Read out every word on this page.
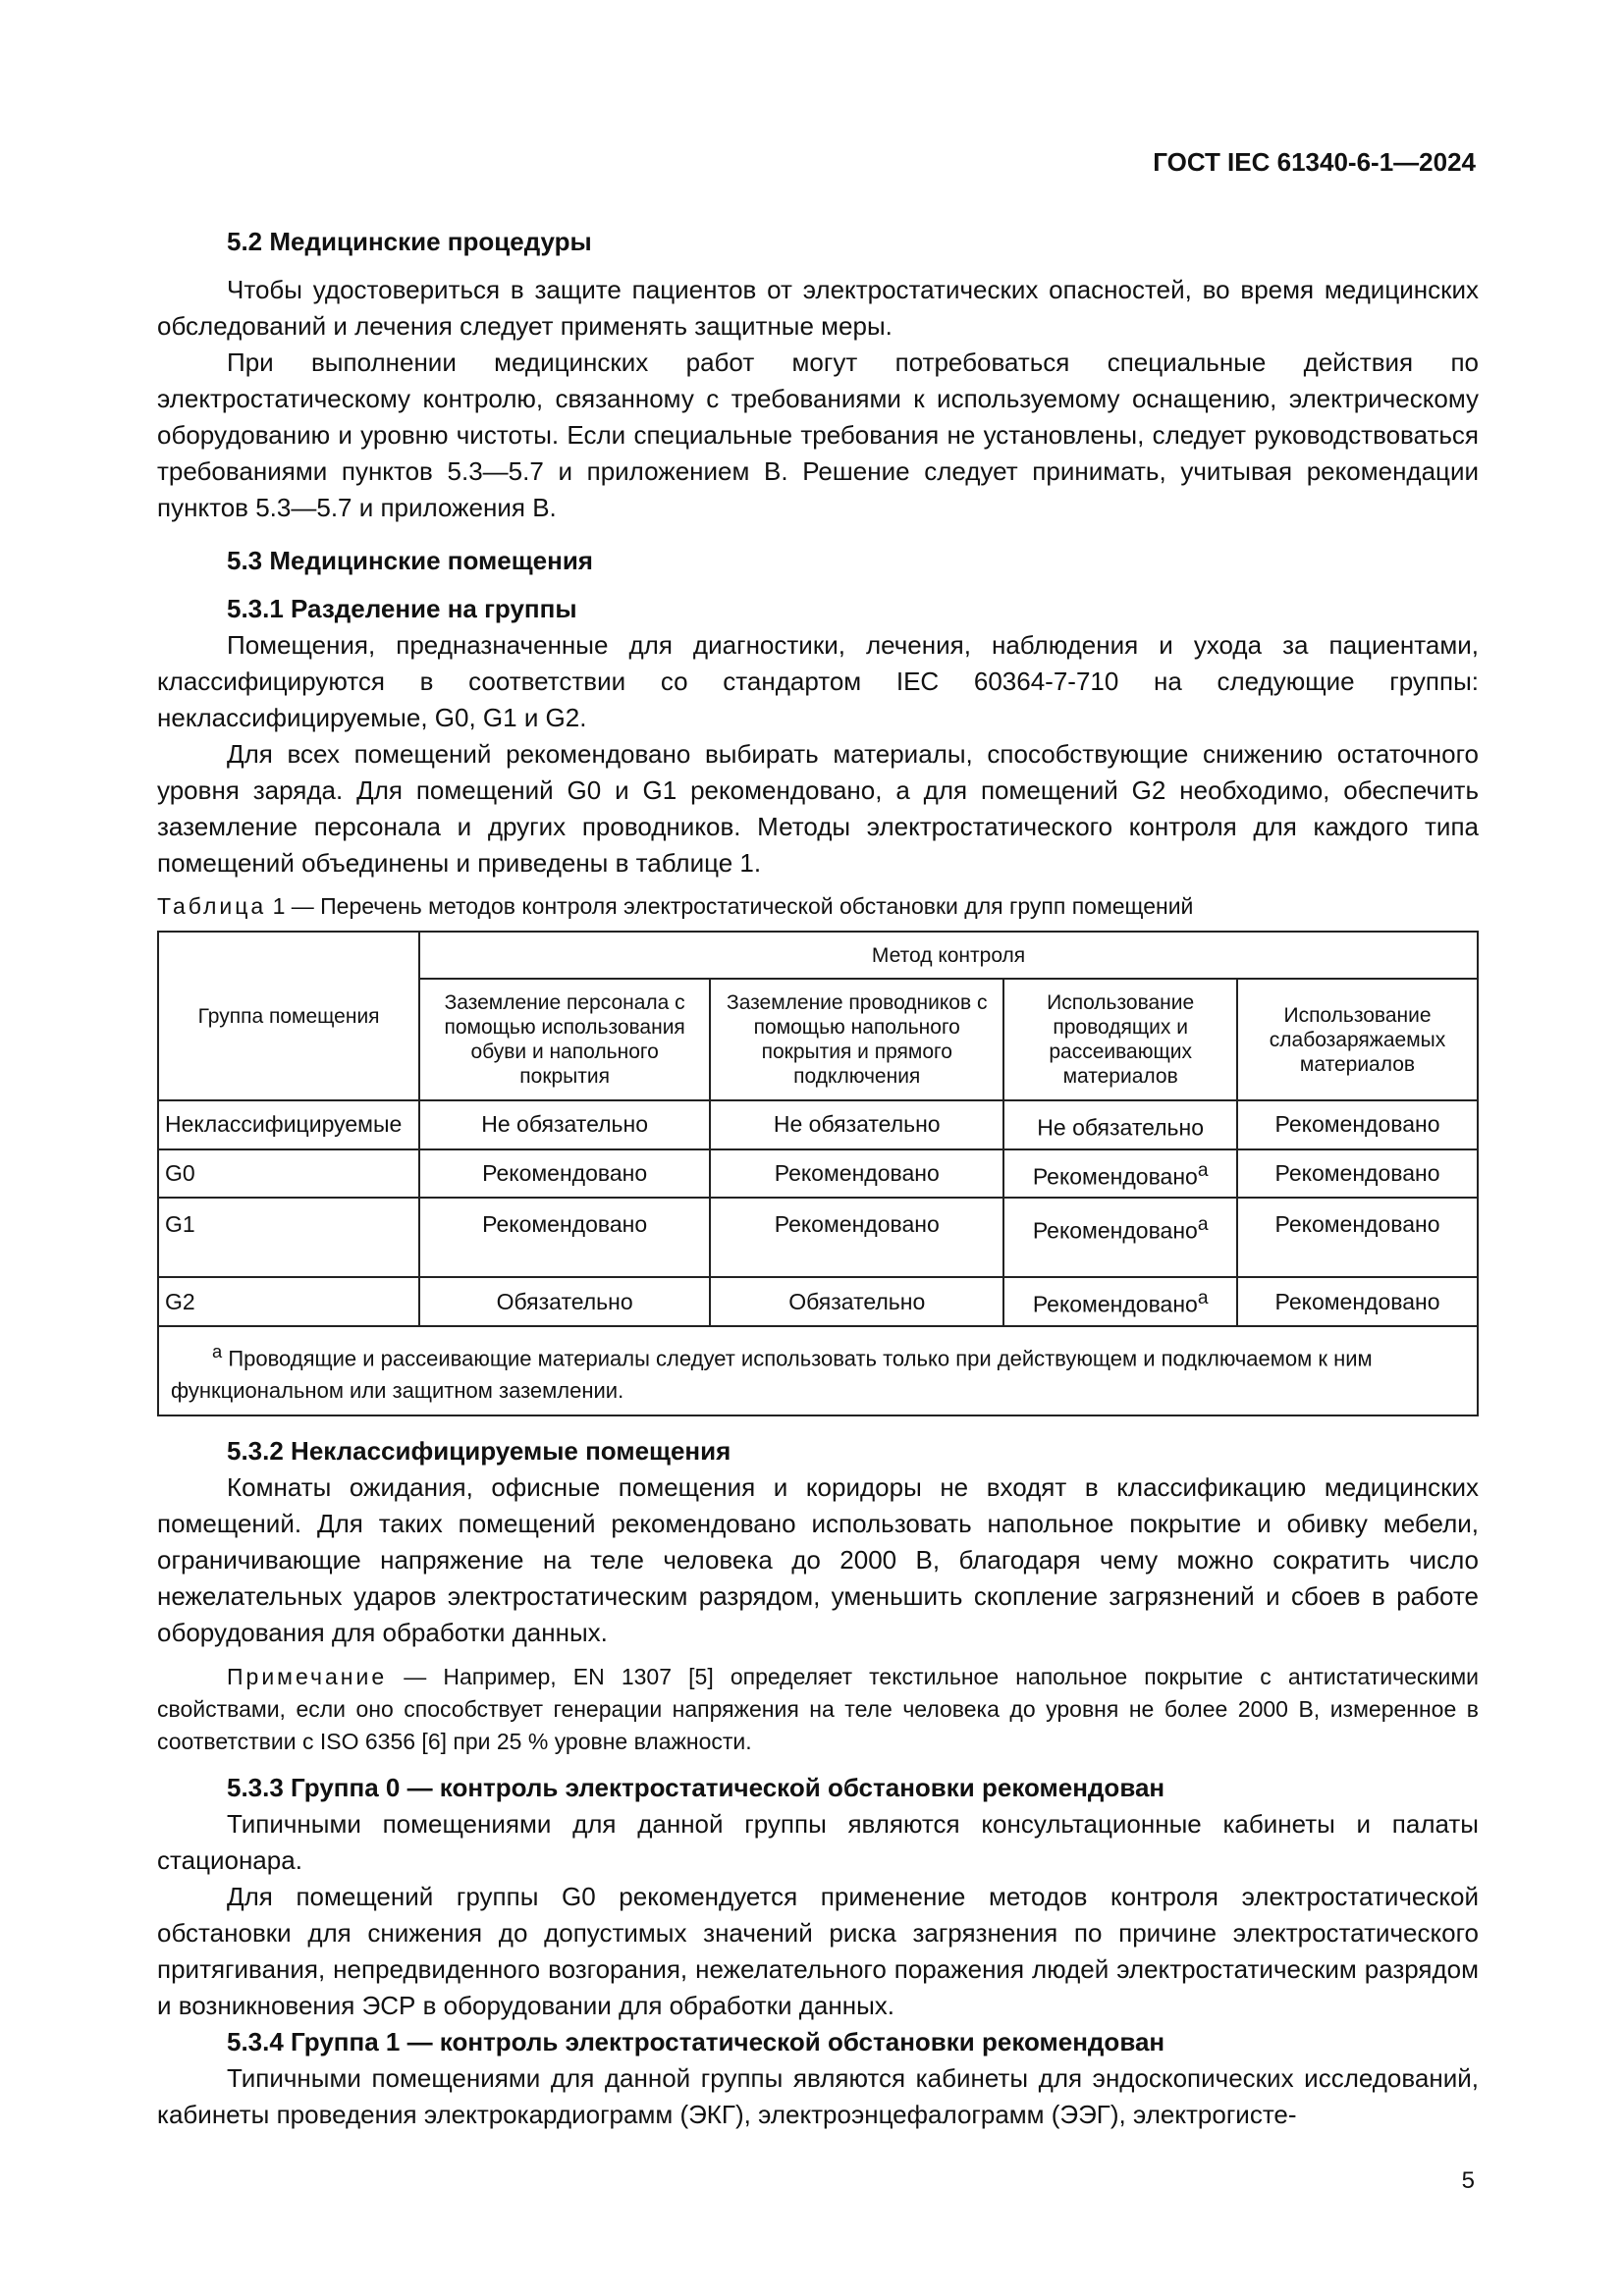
ГОСТ IEC 61340-6-1—2024

5.2 Медицинские процедуры

Чтобы удостовериться в защите пациентов от электростатических опасностей, во время медицинских обследований и лечения следует применять защитные меры.

При выполнении медицинских работ могут потребоваться специальные действия по электростатическому контролю, связанному с требованиями к используемому оснащению, электрическому оборудованию и уровню чистоты. Если специальные требования не установлены, следует руководствоваться требованиями пунктов 5.3—5.7 и приложением В. Решение следует принимать, учитывая рекомендации пунктов 5.3—5.7 и приложения В.

5.3 Медицинские помещения

5.3.1 Разделение на группы

Помещения, предназначенные для диагностики, лечения, наблюдения и ухода за пациентами, классифицируются в соответствии со стандартом IEC 60364-7-710 на следующие группы: неклассифицируемые, G0, G1 и G2.

Для всех помещений рекомендовано выбирать материалы, способствующие снижению остаточного уровня заряда. Для помещений G0 и G1 рекомендовано, а для помещений G2 необходимо, обеспечить заземление персонала и других проводников. Методы электростатического контроля для каждого типа помещений объединены и приведены в таблице 1.

Таблица 1 — Перечень методов контроля электростатической обстановки для групп помещений
Группа помещения	Метод контроля			
	Заземление персонала с помощью использования обуви и напольного покрытия	Заземление проводников с помощью напольного покрытия и прямого подключения	Использование проводящих и рассеивающих материалов	Использование слабозаряжаемых материалов
Неклассифицируемые	Не обязательно	Не обязательно	Не обязательно	Рекомендовано
G0	Рекомендовано	Рекомендовано	Рекомендовано$^a$	Рекомендовано
G1	Рекомендовано	Рекомендовано	Рекомендовано$^a$	Рекомендовано
G2	Обязательно	Обязательно	Рекомендовано$^a$	Рекомендовано
$^a$ Проводящие и рассеивающие материалы следует использовать только при действующем и подключаемом к ним функциональном или защитном заземлении.				

5.3.2 Неклассифицируемые помещения

Комнаты ожидания, офисные помещения и коридоры не входят в классификацию медицинских помещений. Для таких помещений рекомендовано использовать напольное покрытие и обивку мебели, ограничивающие напряжение на теле человека до 2000 В, благодаря чему можно сократить число нежелательных ударов электростатическим разрядом, уменьшить скопление загрязнений и сбоев в работе оборудования для обработки данных.

Примечание — Например, EN 1307 [5] определяет текстильное напольное покрытие с антистатическими свойствами, если оно способствует генерации напряжения на теле человека до уровня не более 2000 В, измеренное в соответствии с ISO 6356 [6] при 25 % уровне влажности.

5.3.3 Группа 0 — контроль электростатической обстановки рекомендован

Типичными помещениями для данной группы являются консультационные кабинеты и палаты стационара.

Для помещений группы G0 рекомендуется применение методов контроля электростатической обстановки для снижения до допустимых значений риска загрязнения по причине электростатического притягивания, непредвиденного возгорания, нежелательного поражения людей электростатическим разрядом и возникновения ЭСР в оборудовании для обработки данных.

5.3.4 Группа 1 — контроль электростатической обстановки рекомендован

Типичными помещениями для данной группы являются кабинеты для эндоскопических исследований, кабинеты проведения электрокардиограмм (ЭКГ), электроэнцефалограмм (ЭЭГ), электрогисте-

5
